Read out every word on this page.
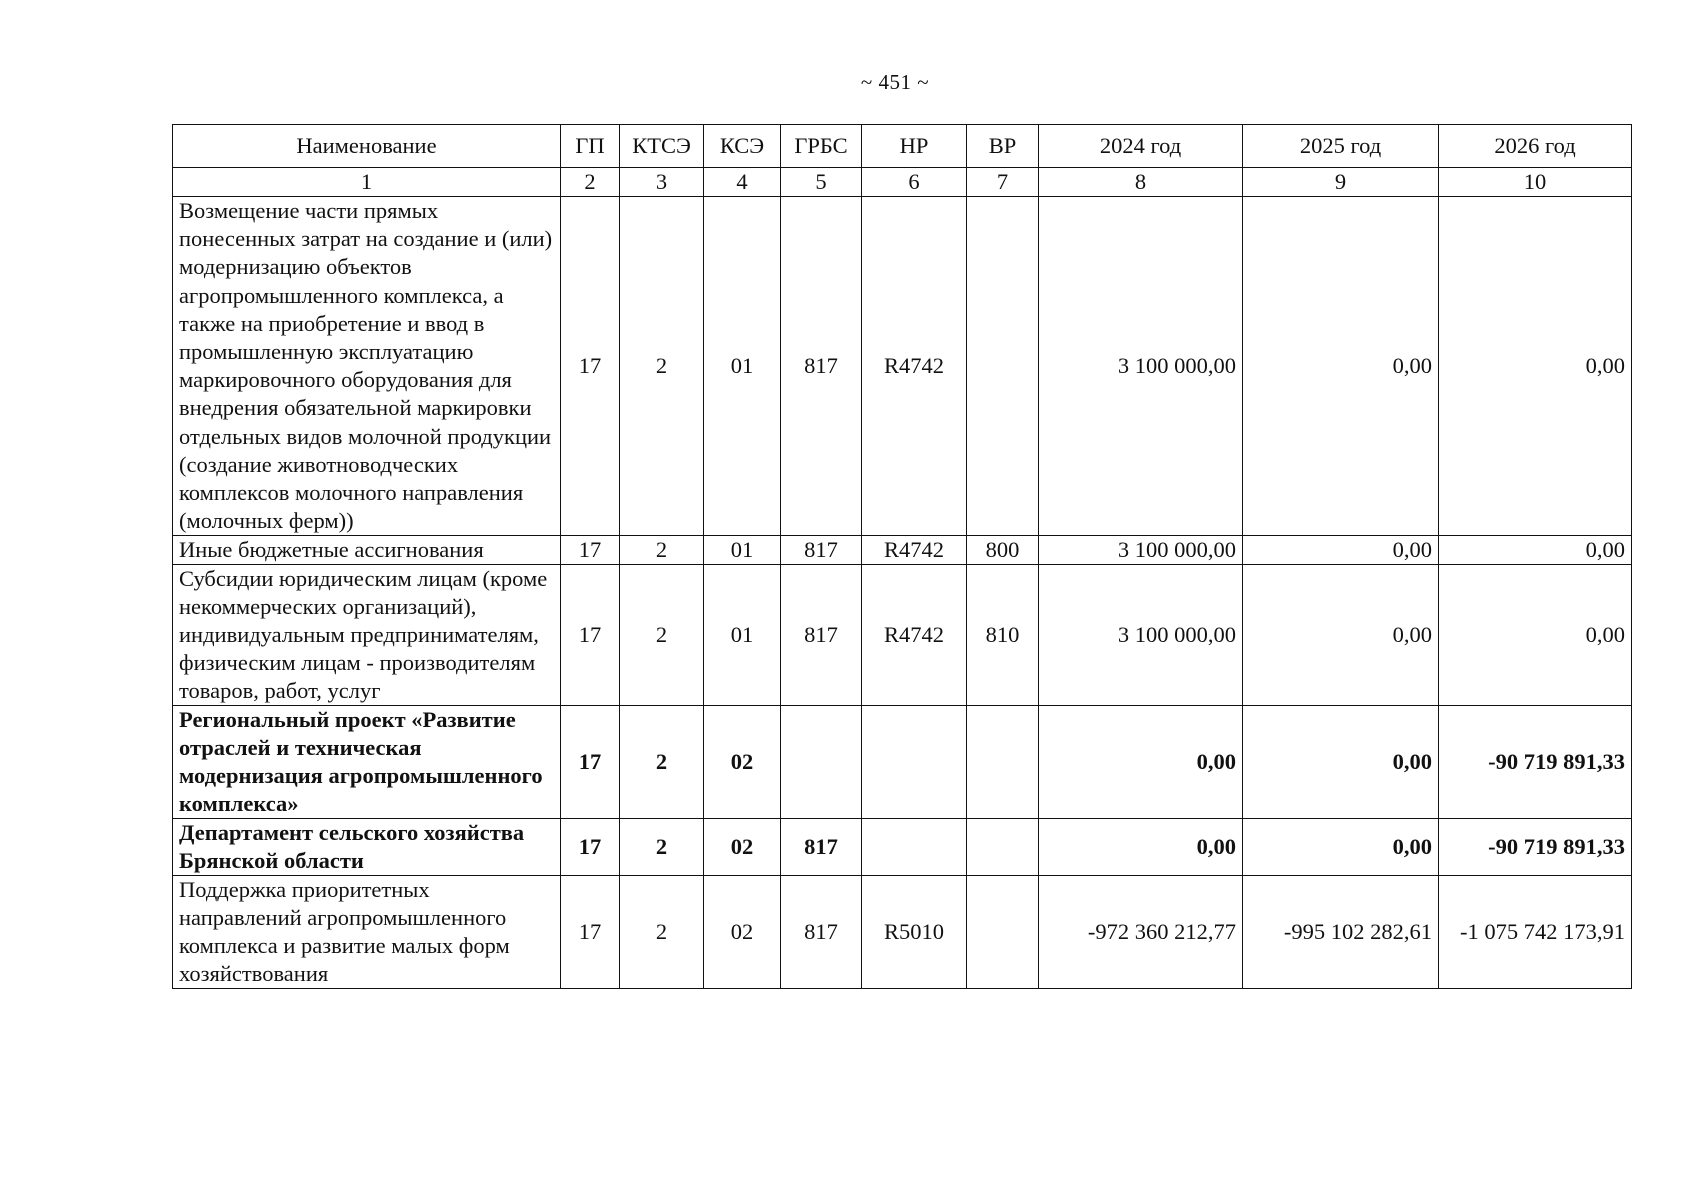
~ 451 ~
Наименование	ГП	КТСЭ	КСЭ	ГРБС	НР	ВР	2024 год	2025 год	2026 год
1	2	3	4	5	6	7	8	9	10
Возмещение части прямых понесенных затрат на создание и (или) модернизацию объектов агропромышленного комплекса, а также на приобретение и ввод в промышленную эксплуатацию маркировочного оборудования для внедрения обязательной маркировки отдельных видов молочной продукции (создание животноводческих комплексов молочного направления (молочных ферм))	17	2	01	817	R4742		3 100 000,00	0,00	0,00
Иные бюджетные ассигнования	17	2	01	817	R4742	800	3 100 000,00	0,00	0,00
Субсидии юридическим лицам (кроме некоммерческих организаций), индивидуальным предпринимателям, физическим лицам - производителям товаров, работ, услуг	17	2	01	817	R4742	810	3 100 000,00	0,00	0,00
Региональный проект «Развитие отраслей и техническая модернизация агропромышленного комплекса»	17	2	02				0,00	0,00	-90 719 891,33
Департамент сельского хозяйства Брянской области	17	2	02	817			0,00	0,00	-90 719 891,33
Поддержка приоритетных направлений агропромышленного комплекса и развитие малых форм хозяйствования	17	2	02	817	R5010		-972 360 212,77	-995 102 282,61	-1 075 742 173,91
